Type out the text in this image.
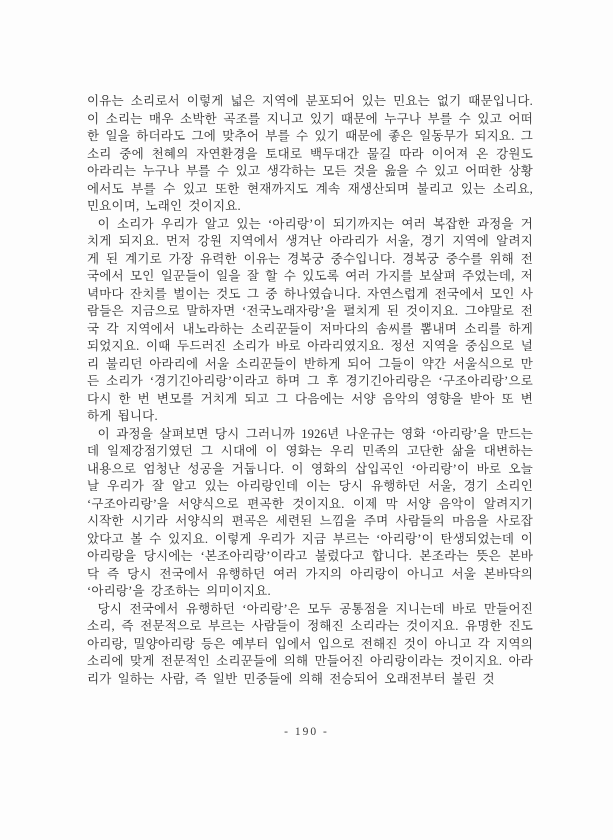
이유는 소리로서 이렇게 넓은 지역에 분포되어 있는 민요는 없기 때문입니다. 이 소리는 매우 소박한 곡조를 지니고 있기 때문에 누구나 부를 수 있고 어떠한 일을 하더라도 그에 맞추어 부를 수 있기 때문에 좋은 일동무가 되지요. 그 소리 중에 천혜의 자연환경을 토대로 백두대간 물길 따라 이어져 온 강원도 아라리는 누구나 부를 수 있고 생각하는 모든 것을 읊을 수 있고 어떠한 상황에서도 부를 수 있고 또한 현재까지도 계속 재생산되며 불리고 있는 소리요, 민요이며, 노래인 것이지요.

이 소리가 우리가 알고 있는 ‘아리랑’이 되기까지는 여러 복잡한 과정을 거치게 되지요. 먼저 강원 지역에서 생겨난 아라리가 서울, 경기 지역에 알려지게 된 계기로 가장 유력한 이유는 경복궁 중수입니다. 경복궁 중수를 위해 전국에서 모인 일꾼들이 일을 잘 할 수 있도록 여러 가지를 보살펴 주었는데, 저녁마다 잔치를 벌이는 것도 그 중 하나였습니다. 자연스럽게 전국에서 모인 사람들은 지금으로 말하자면 ‘전국노래자랑’을 펼치게 된 것이지요. 그야말로 전국 각 지역에서 내노라하는 소리꾼들이 저마다의 솜씨를 뽐내며 소리를 하게 되었지요. 이때 두드러진 소리가 바로 아라리였지요. 정선 지역을 중심으로 널리 불리던 아라리에 서울 소리꾼들이 반하게 되어 그들이 약간 서울식으로 만든 소리가 ‘경기긴아리랑’이라고 하며 그 후 경기긴아리랑은 ‘구조아리랑’으로 다시 한 번 변모를 거치게 되고 그 다음에는 서양 음악의 영향을 받아 또 변하게 됩니다.

이 과정을 살펴보면 당시 그러니까 1926년 나운규는 영화 ‘아리랑’을 만드는데 일제강점기였던 그 시대에 이 영화는 우리 민족의 고단한 삶을 대변하는 내용으로 엄청난 성공을 거둡니다. 이 영화의 삽입곡인 ‘아리랑’이 바로 오늘날 우리가 잘 알고 있는 아리랑인데 이는 당시 유행하던 서울, 경기 소리인 ‘구조아리랑’을 서양식으로 편곡한 것이지요. 이제 막 서양 음악이 알려지기 시작한 시기라 서양식의 편곡은 세련된 느낌을 주며 사람들의 마음을 사로잡았다고 볼 수 있지요. 이렇게 우리가 지금 부르는 ‘아리랑’이 탄생되었는데 이 아리랑을 당시에는 ‘본조아리랑’이라고 불렀다고 합니다. 본조라는 뜻은 본바닥 즉 당시 전국에서 유행하던 여러 가지의 아리랑이 아니고 서울 본바닥의 ‘아리랑’을 강조하는 의미이지요.

당시 전국에서 유행하던 ‘아리랑’은 모두 공통점을 지니는데 바로 만들어진 소리, 즉 전문적으로 부르는 사람들이 정해진 소리라는 것이지요. 유명한 진도아리랑, 밀양아리랑 등은 예부터 입에서 입으로 전해진 것이 아니고 각 지역의 소리에 맞게 전문적인 소리꾼들에 의해 만들어진 아리랑이라는 것이지요. 아라리가 일하는 사람, 즉 일반 민중들에 의해 전승되어 오래전부터 불린 것

- 190 -
